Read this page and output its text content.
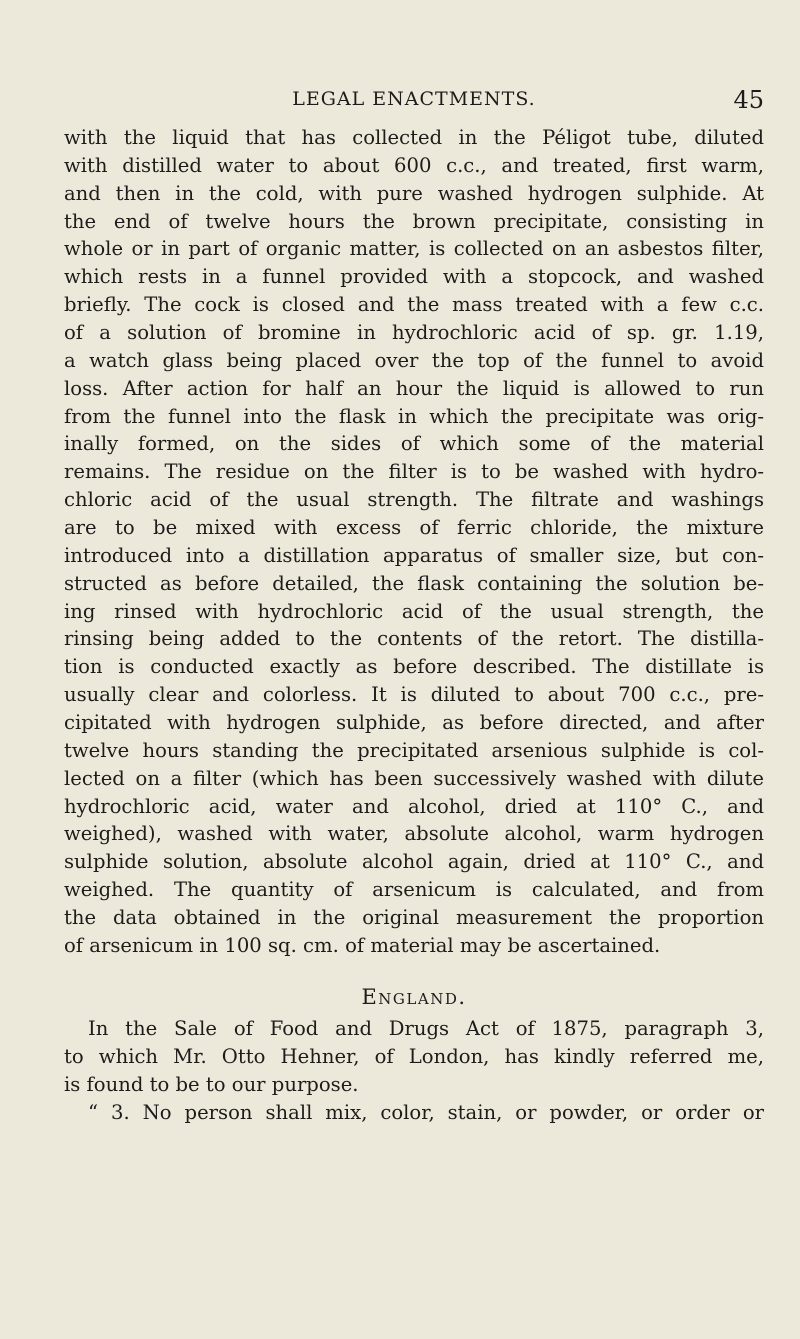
LEGAL ENACTMENTS.	45
with the liquid that has collected in the Péligot tube, diluted
with distilled water to about 600 c.c., and treated, first warm,
and then in the cold, with pure washed hydrogen sulphide. At
the end of twelve hours the brown precipitate, consisting in
whole or in part of organic matter, is collected on an asbestos filter,
which rests in a funnel provided with a stopcock, and washed
briefly. The cock is closed and the mass treated with a few c.c.
of a solution of bromine in hydrochloric acid of sp. gr. 1.19,
a watch glass being placed over the top of the funnel to avoid
loss. After action for half an hour the liquid is allowed to run
from the funnel into the flask in which the precipitate was orig-
inally formed, on the sides of which some of the material
remains. The residue on the filter is to be washed with hydro-
chloric acid of the usual strength. The filtrate and washings
are to be mixed with excess of ferric chloride, the mixture
introduced into a distillation apparatus of smaller size, but con-
structed as before detailed, the flask containing the solution be-
ing rinsed with hydrochloric acid of the usual strength, the
rinsing being added to the contents of the retort. The distilla-
tion is conducted exactly as before described. The distillate is
usually clear and colorless. It is diluted to about 700 c.c., pre-
cipitated with hydrogen sulphide, as before directed, and after
twelve hours standing the precipitated arsenious sulphide is col-
lected on a filter (which has been successively washed with dilute
hydrochloric acid, water and alcohol, dried at 110° C., and
weighed), washed with water, absolute alcohol, warm hydrogen
sulphide solution, absolute alcohol again, dried at 110° C., and
weighed. The quantity of arsenicum is calculated, and from
the data obtained in the original measurement the proportion
of arsenicum in 100 sq. cm. of material may be ascertained.
England.
In the Sale of Food and Drugs Act of 1875, paragraph 3,
to which Mr. Otto Hehner, of London, has kindly referred me,
is found to be to our purpose.
“ 3. No person shall mix, color, stain, or powder, or order or
